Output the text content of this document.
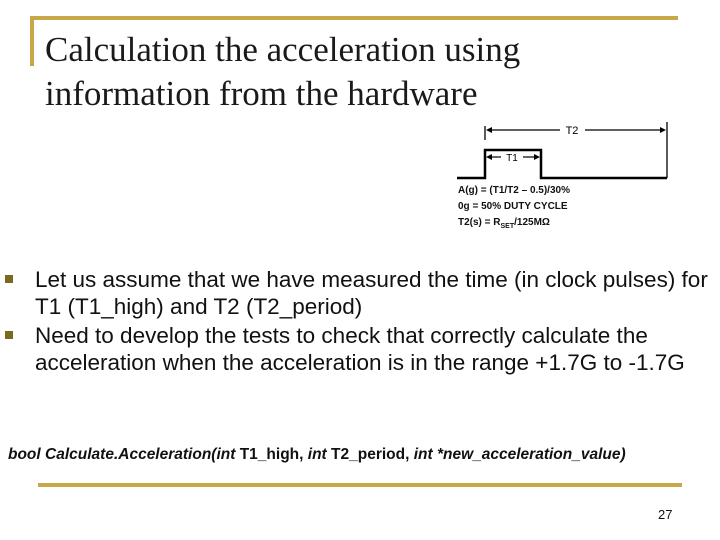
Calculation the acceleration using
information from the hardware
T2
T1
A(g) = (T1/T2 – 0.5)/30%
0g = 50% DUTY CYCLE
$T2(s) = R_{SET}/125M\Omega$
Let us assume that we have measured the time (in clock pulses) for T1 (T1_high) and T2 (T2_period)
Need to develop the tests to check that correctly calculate the acceleration when the acceleration is in the range +1.7G to -1.7G
bool Calculate.Acceleration(int T1_high, int T2_period, int *new_acceleration_value)
27
